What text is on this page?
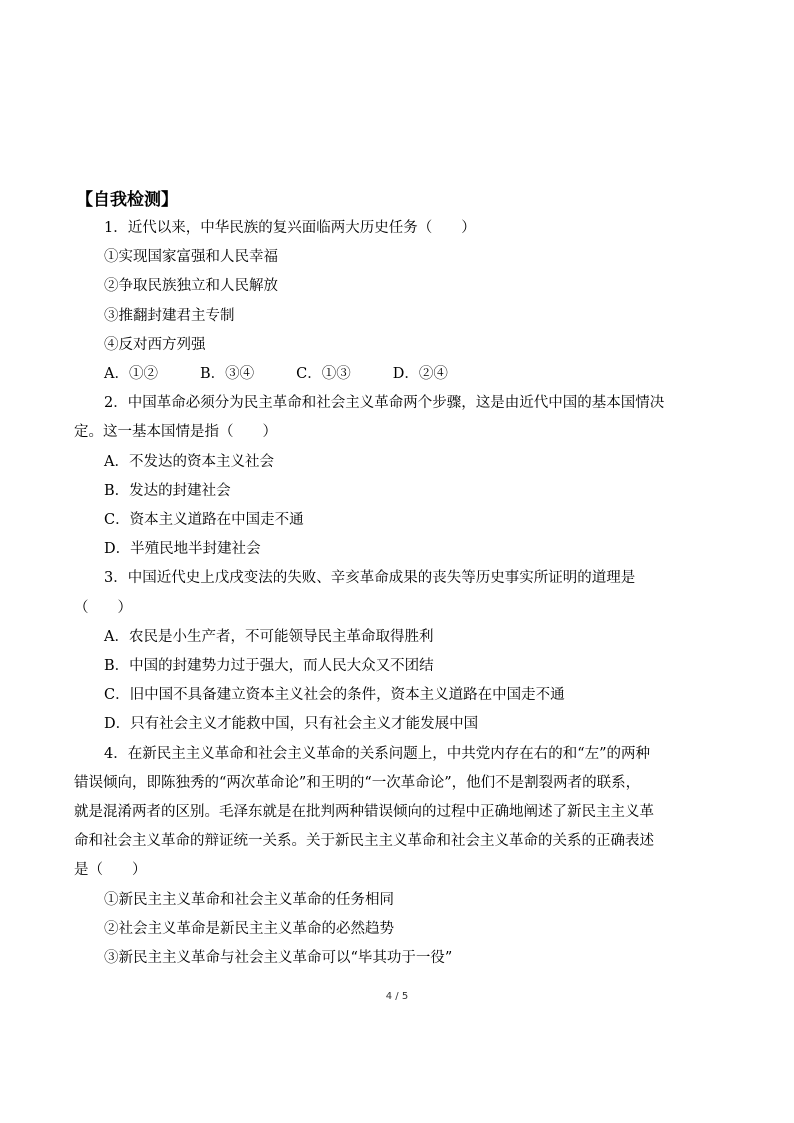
【自我检测】
1．近代以来，中华民族的复兴面临两大历史任务（　　）
①实现国家富强和人民幸福
②争取民族独立和人民解放
③推翻封建君主专制
④反对西方列强
A．①②	B．③④	C．①③	D．②④
2．中国革命必须分为民主革命和社会主义革命两个步骤，这是由近代中国的基本国情决
定。这一基本国情是指（　　）
A．不发达的资本主义社会
B．发达的封建社会
C．资本主义道路在中国走不通
D．半殖民地半封建社会
3．中国近代史上戊戌变法的失败、辛亥革命成果的丧失等历史事实所证明的道理是
（　　）
A．农民是小生产者，不可能领导民主革命取得胜利
B．中国的封建势力过于强大，而人民大众又不团结
C．旧中国不具备建立资本主义社会的条件，资本主义道路在中国走不通
D．只有社会主义才能救中国，只有社会主义才能发展中国
4．在新民主主义革命和社会主义革命的关系问题上，中共党内存在右的和“左”的两种
错误倾向，即陈独秀的“两次革命论”和王明的“一次革命论”，他们不是割裂两者的联系，
就是混淆两者的区别。毛泽东就是在批判两种错误倾向的过程中正确地阐述了新民主主义革
命和社会主义革命的辩证统一关系。关于新民主主义革命和社会主义革命的关系的正确表述
是（　　）
①新民主主义革命和社会主义革命的任务相同
②社会主义革命是新民主主义革命的必然趋势
③新民主主义革命与社会主义革命可以“毕其功于一役”
4 / 5
